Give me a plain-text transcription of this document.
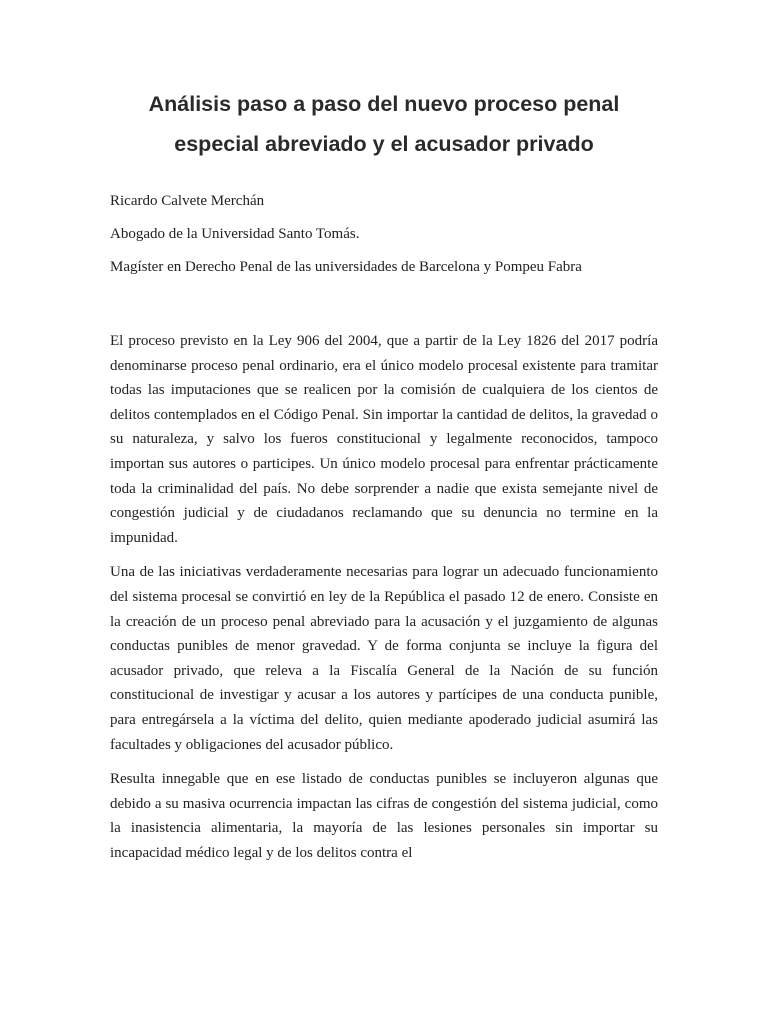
Análisis paso a paso del nuevo proceso penal
especial abreviado y el acusador privado

Ricardo Calvete Merchán

Abogado de la Universidad Santo Tomás.

Magíster en Derecho Penal de las universidades de Barcelona y Pompeu Fabra

El proceso previsto en la Ley 906 del 2004, que a partir de la Ley 1826 del 2017 podría denominarse proceso penal ordinario, era el único modelo procesal existente para tramitar todas las imputaciones que se realicen por la comisión de cualquiera de los cientos de delitos contemplados en el Código Penal. Sin importar la cantidad de delitos, la gravedad o su naturaleza, y salvo los fueros constitucional y legalmente reconocidos, tampoco importan sus autores o participes. Un único modelo procesal para enfrentar prácticamente toda la criminalidad del país. No debe sorprender a nadie que exista semejante nivel de congestión judicial y de ciudadanos reclamando que su denuncia no termine en la impunidad.

Una de las iniciativas verdaderamente necesarias para lograr un adecuado funcionamiento del sistema procesal se convirtió en ley de la República el pasado 12 de enero. Consiste en la creación de un proceso penal abreviado para la acusación y el juzgamiento de algunas conductas punibles de menor gravedad. Y de forma conjunta se incluye la figura del acusador privado, que releva a la Fiscalía General de la Nación de su función constitucional de investigar y acusar a los autores y partícipes de una conducta punible, para entregársela a la víctima del delito, quien mediante apoderado judicial asumirá las facultades y obligaciones del acusador público.

Resulta innegable que en ese listado de conductas punibles se incluyeron algunas que debido a su masiva ocurrencia impactan las cifras de congestión del sistema judicial, como la inasistencia alimentaria, la mayoría de las lesiones personales sin importar su incapacidad médico legal y de los delitos contra el
